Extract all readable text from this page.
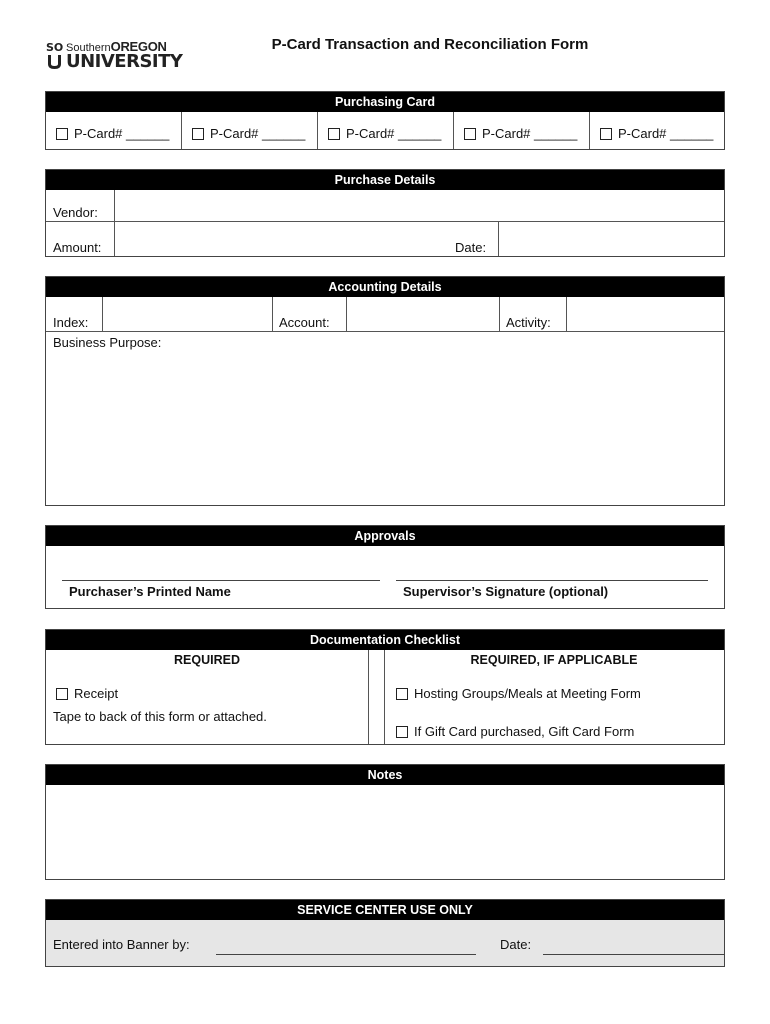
SO SouthernOREGON
UNIVERSITY
P-Card Transaction and Reconciliation Form
Purchasing Card
P-Card# ______	P-Card# ______	P-Card# ______	P-Card# ______	P-Card# ______
Purchase Details
Vendor:
Amount:	Date:
Accounting Details
Index:	Account:	Activity:
Business Purpose:
Approvals
Purchaser’s Printed Name	Supervisor’s Signature (optional)
Documentation Checklist
REQUIRED	REQUIRED, IF APPLICABLE
Receipt
Tape to back of this form or attached.
Hosting Groups/Meals at Meeting Form
If Gift Card purchased, Gift Card Form
Notes
SERVICE CENTER USE ONLY
Entered into Banner by:	Date:
